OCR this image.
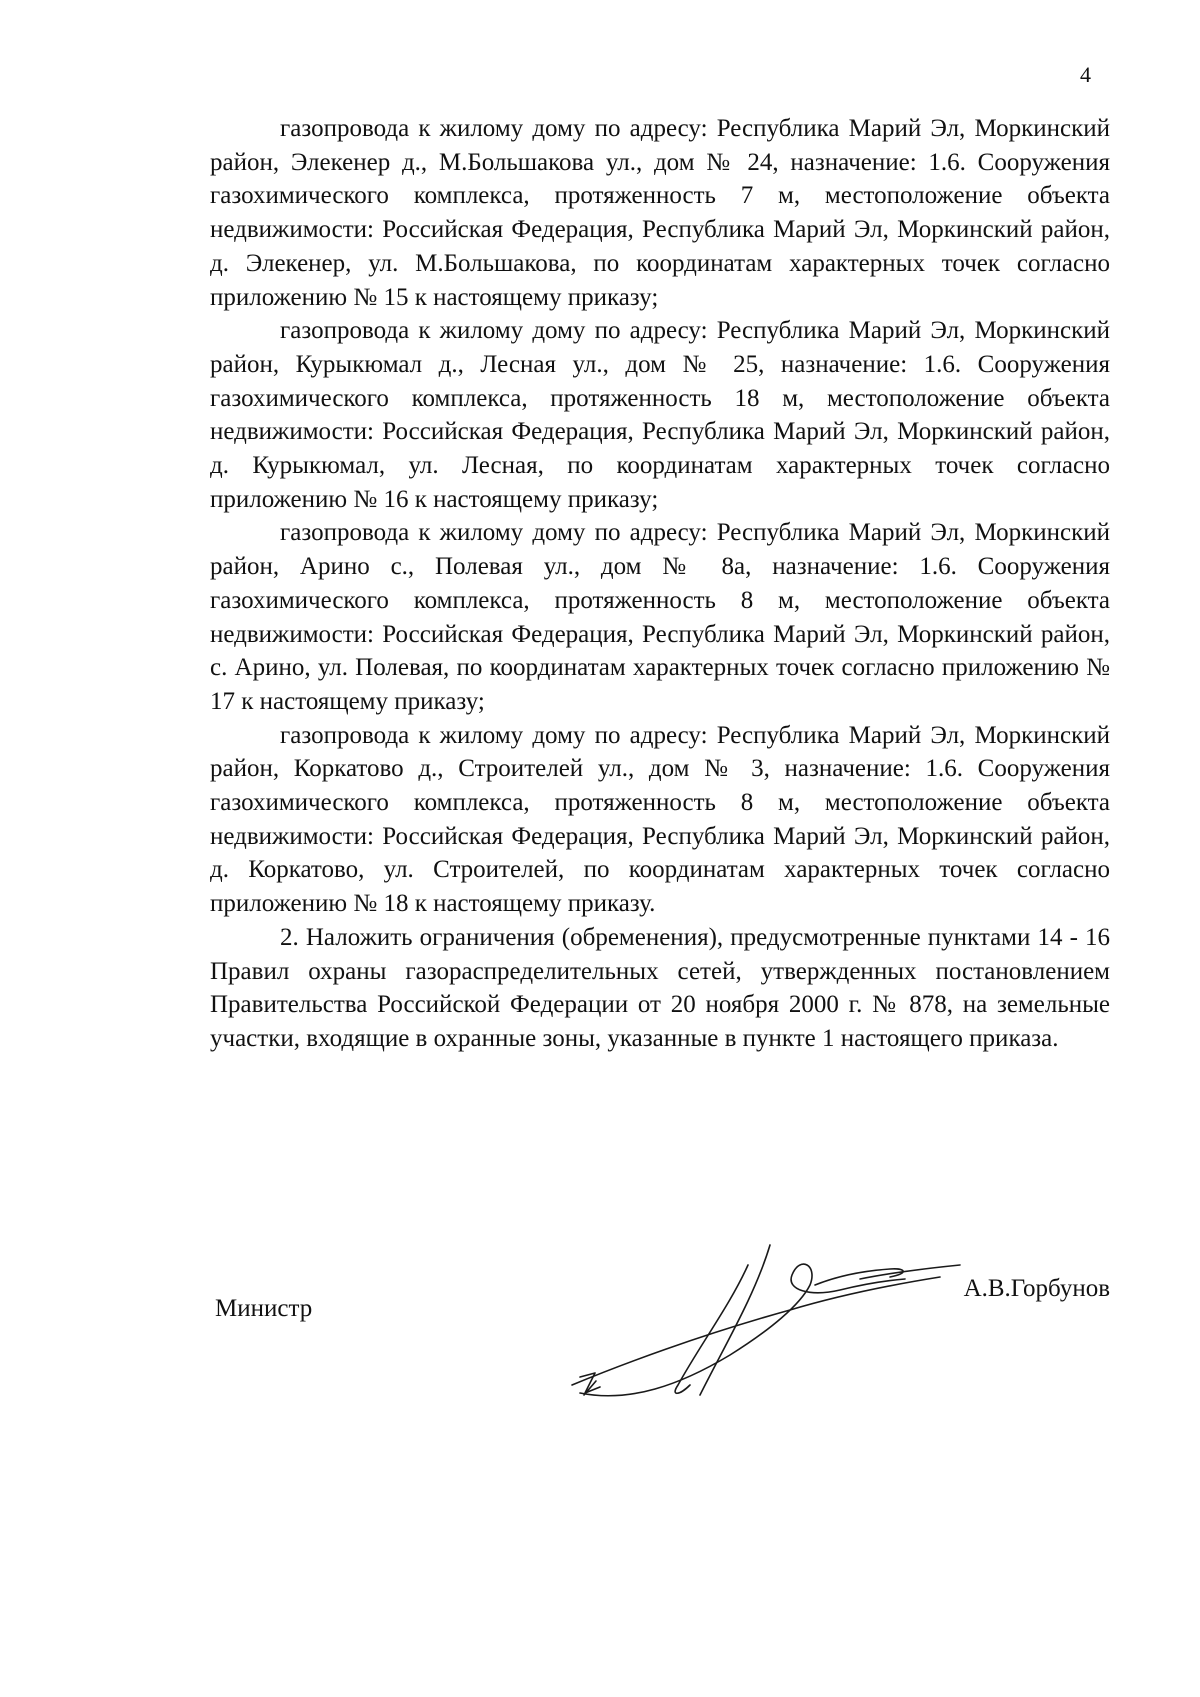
4

газопровода к жилому дому по адресу: Республика Марий Эл, Моркинский район, Элекенер д., М.Большакова ул., дом № 24, назначение: 1.6. Сооружения газохимического комплекса, протяженность 7 м, местоположение объекта недвижимости: Российская Федерация, Республика Марий Эл, Моркинский район, д. Элекенер, ул. М.Большакова, по координатам характерных точек согласно приложению № 15 к настоящему приказу;

газопровода к жилому дому по адресу: Республика Марий Эл, Моркинский район, Курыкюмал д., Лесная ул., дом № 25, назначение: 1.6. Сооружения газохимического комплекса, протяженность 18 м, местоположение объекта недвижимости: Российская Федерация, Республика Марий Эл, Моркинский район, д. Курыкюмал, ул. Лесная, по координатам характерных точек согласно приложению № 16 к настоящему приказу;

газопровода к жилому дому по адресу: Республика Марий Эл, Моркинский район, Арино с., Полевая ул., дом № 8а, назначение: 1.6. Сооружения газохимического комплекса, протяженность 8 м, местоположение объекта недвижимости: Российская Федерация, Республика Марий Эл, Моркинский район, с. Арино, ул. Полевая, по координатам характерных точек согласно приложению № 17 к настоящему приказу;

газопровода к жилому дому по адресу: Республика Марий Эл, Моркинский район, Коркатово д., Строителей ул., дом № 3, назначение: 1.6. Сооружения газохимического комплекса, протяженность 8 м, местоположение объекта недвижимости: Российская Федерация, Республика Марий Эл, Моркинский район, д. Коркатово, ул. Строителей, по координатам характерных точек согласно приложению № 18 к настоящему приказу.

2. Наложить ограничения (обременения), предусмотренные пунктами 14 - 16 Правил охраны газораспределительных сетей, утвержденных постановлением Правительства Российской Федерации от 20 ноября 2000 г. № 878, на земельные участки, входящие в охранные зоны, указанные в пункте 1 настоящего приказа.

Министр
А.В.Горбунов
